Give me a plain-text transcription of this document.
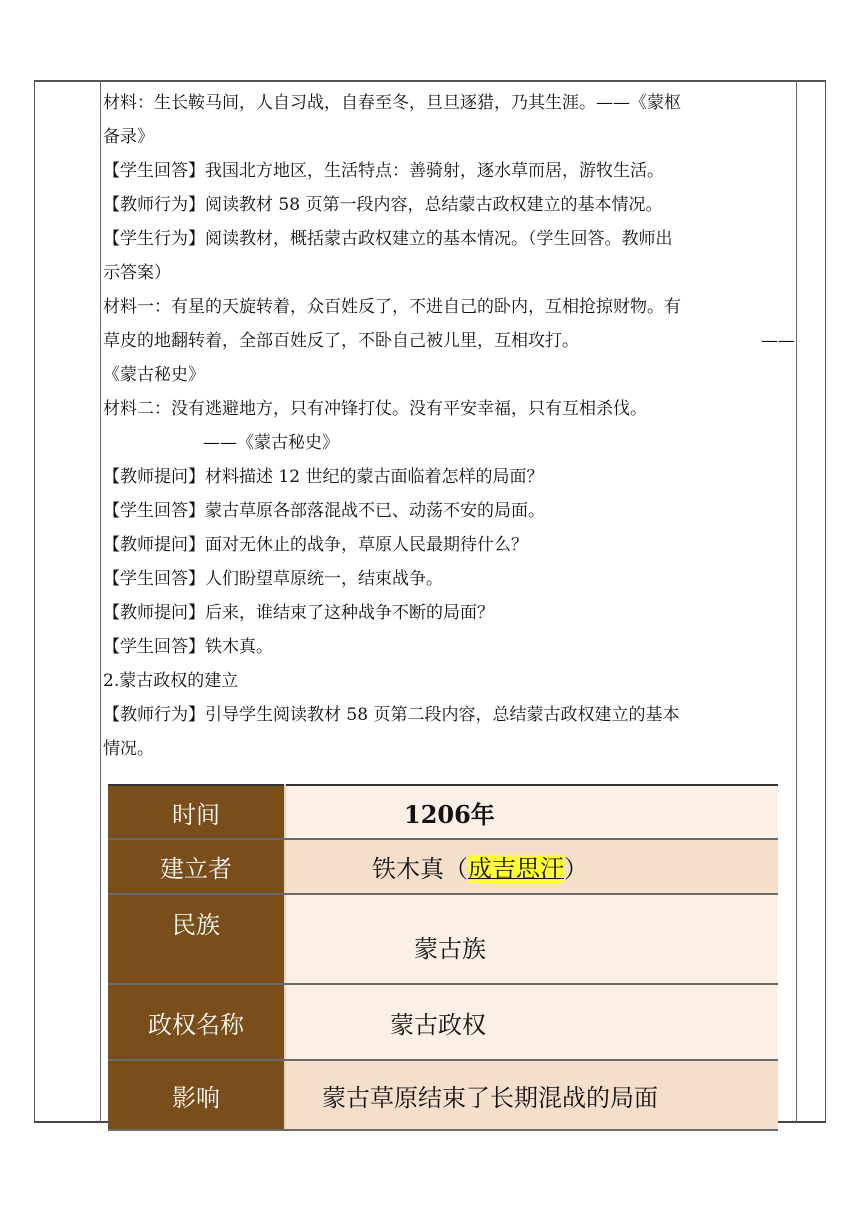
材料：生长鞍马间，人自习战，自春至冬，旦旦逐猎，乃其生涯。——《蒙枢
备录》
【学生回答】我国北方地区，生活特点：善骑射，逐水草而居，游牧生活。
【教师行为】阅读教材 58 页第一段内容，总结蒙古政权建立的基本情况。
【学生行为】阅读教材，概括蒙古政权建立的基本情况。（学生回答。教师出
示答案）
材料一：有星的天旋转着，众百姓反了，不进自己的卧内，互相抢掠财物。有
草皮的地翻转着，全部百姓反了，不卧自己被儿里，互相攻打。	——
《蒙古秘史》
材料二：没有逃避地方，只有冲锋打仗。没有平安幸福，只有互相杀伐。
——《蒙古秘史》
【教师提问】材料描述 12 世纪的蒙古面临着怎样的局面？
【学生回答】蒙古草原各部落混战不已、动荡不安的局面。
【教师提问】面对无休止的战争，草原人民最期待什么？
【学生回答】人们盼望草原统一，结束战争。
【教师提问】后来，谁结束了这种战争不断的局面？
【学生回答】铁木真。
2.蒙古政权的建立
【教师行为】引导学生阅读教材 58 页第二段内容，总结蒙古政权建立的基本
情况。
时间	1206年
建立者	铁木真（成吉思汗）
民族	蒙古族
政权名称	蒙古政权
影响	蒙古草原结束了长期混战的局面
